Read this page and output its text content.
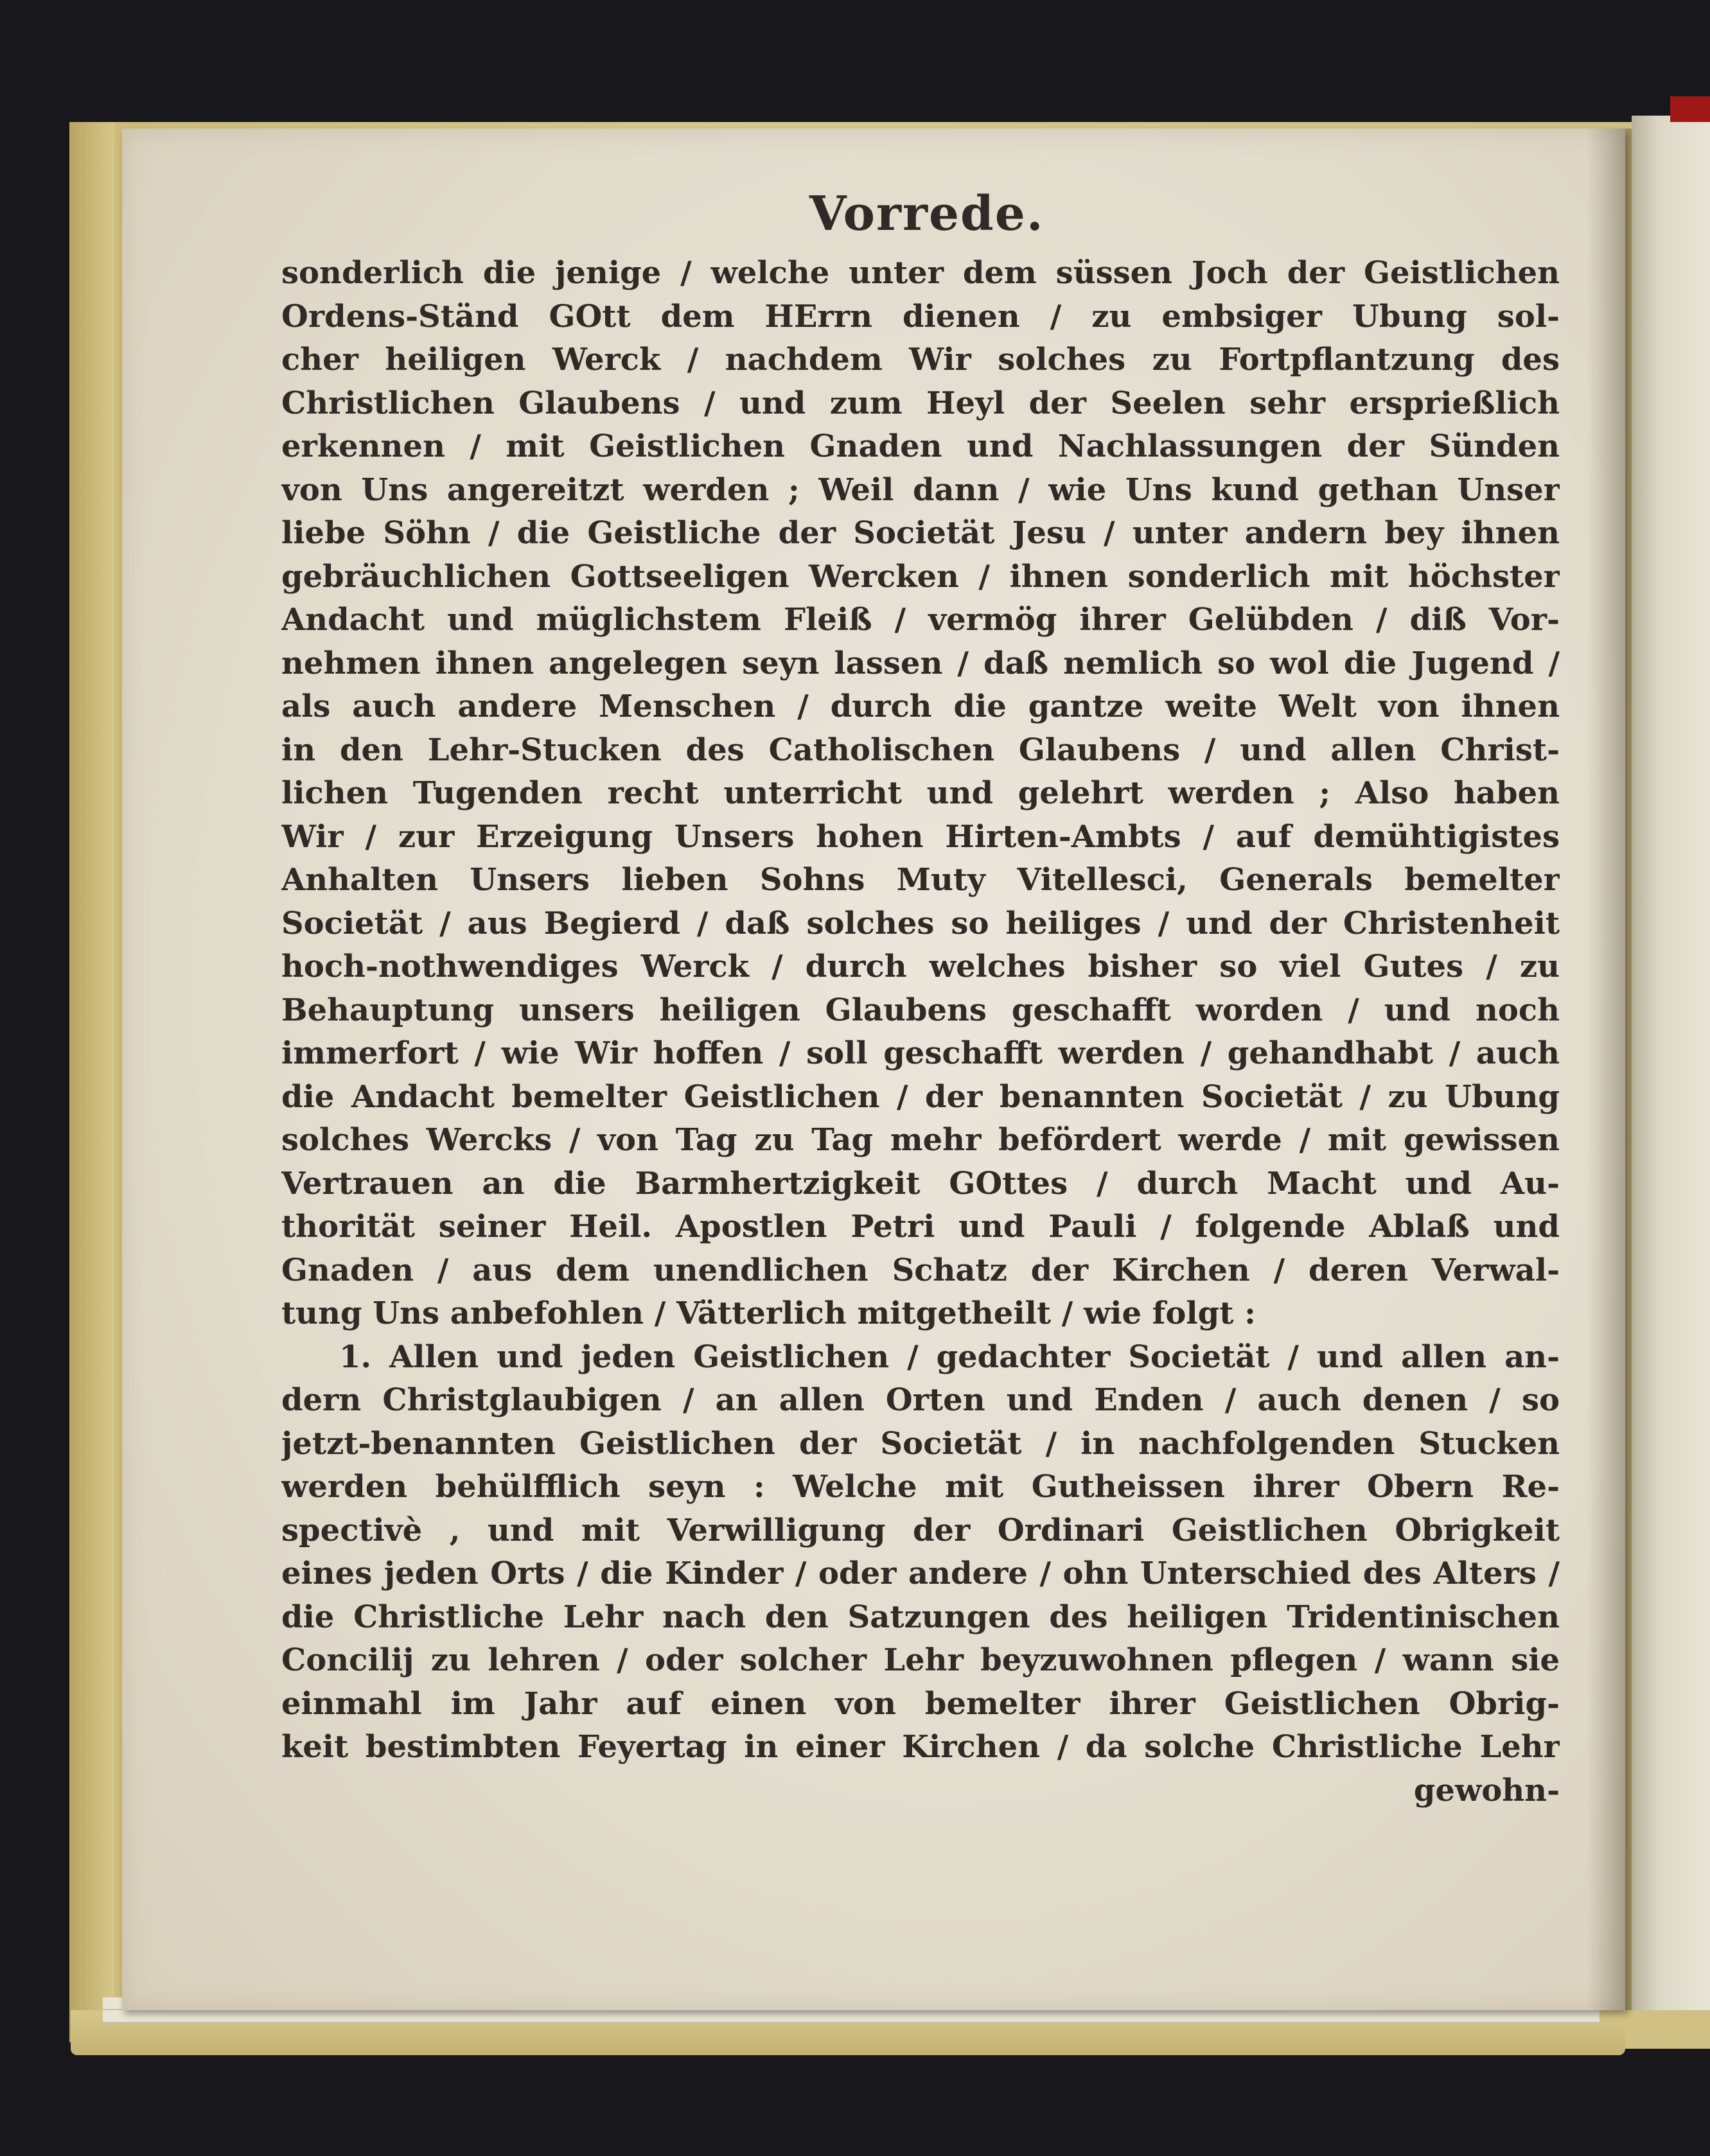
Vorrede.
sonderlich die jenige / welche unter dem süssen Joch der Geistlichen
Ordens-Ständ GOtt dem HErrn dienen / zu embsiger Ubung sol-
cher heiligen Werck / nachdem Wir solches zu Fortpflantzung des
Christlichen Glaubens / und zum Heyl der Seelen sehr ersprießlich
erkennen / mit Geistlichen Gnaden und Nachlassungen der Sünden
von Uns angereitzt werden ; Weil dann / wie Uns kund gethan Unser
liebe Söhn / die Geistliche der Societät Jesu / unter andern bey ihnen
gebräuchlichen Gottseeligen Wercken / ihnen sonderlich mit höchster
Andacht und müglichstem Fleiß / vermög ihrer Gelübden / diß Vor-
nehmen ihnen angelegen seyn lassen / daß nemlich so wol die Jugend /
als auch andere Menschen / durch die gantze weite Welt von ihnen
in den Lehr-Stucken des Catholischen Glaubens / und allen Christ-
lichen Tugenden recht unterricht und gelehrt werden ; Also haben
Wir / zur Erzeigung Unsers hohen Hirten-Ambts / auf demühtigistes
Anhalten Unsers lieben Sohns Muty Vitellesci, Generals bemelter
Societät / aus Begierd / daß solches so heiliges / und der Christenheit
hoch-nothwendiges Werck / durch welches bisher so viel Gutes / zu
Behauptung unsers heiligen Glaubens geschafft worden / und noch
immerfort / wie Wir hoffen / soll geschafft werden / gehandhabt / auch
die Andacht bemelter Geistlichen / der benannten Societät / zu Ubung
solches Wercks / von Tag zu Tag mehr befördert werde / mit gewissen
Vertrauen an die Barmhertzigkeit GOttes / durch Macht und Au-
thorität seiner Heil. Apostlen Petri und Pauli / folgende Ablaß und
Gnaden / aus dem unendlichen Schatz der Kirchen / deren Verwal-
tung Uns anbefohlen / Vätterlich mitgetheilt / wie folgt :
1. Allen und jeden Geistlichen / gedachter Societät / und allen an-
dern Christglaubigen / an allen Orten und Enden / auch denen / so
jetzt-benannten Geistlichen der Societät / in nachfolgenden Stucken
werden behülfflich seyn : Welche mit Gutheissen ihrer Obern Re-
spectivè , und mit Verwilligung der Ordinari Geistlichen Obrigkeit
eines jeden Orts / die Kinder / oder andere / ohn Unterschied des Alters /
die Christliche Lehr nach den Satzungen des heiligen Tridentinischen
Concilij zu lehren / oder solcher Lehr beyzuwohnen pflegen / wann sie
einmahl im Jahr auf einen von bemelter ihrer Geistlichen Obrig-
keit bestimbten Feyertag in einer Kirchen / da solche Christliche Lehr
gewohn-
